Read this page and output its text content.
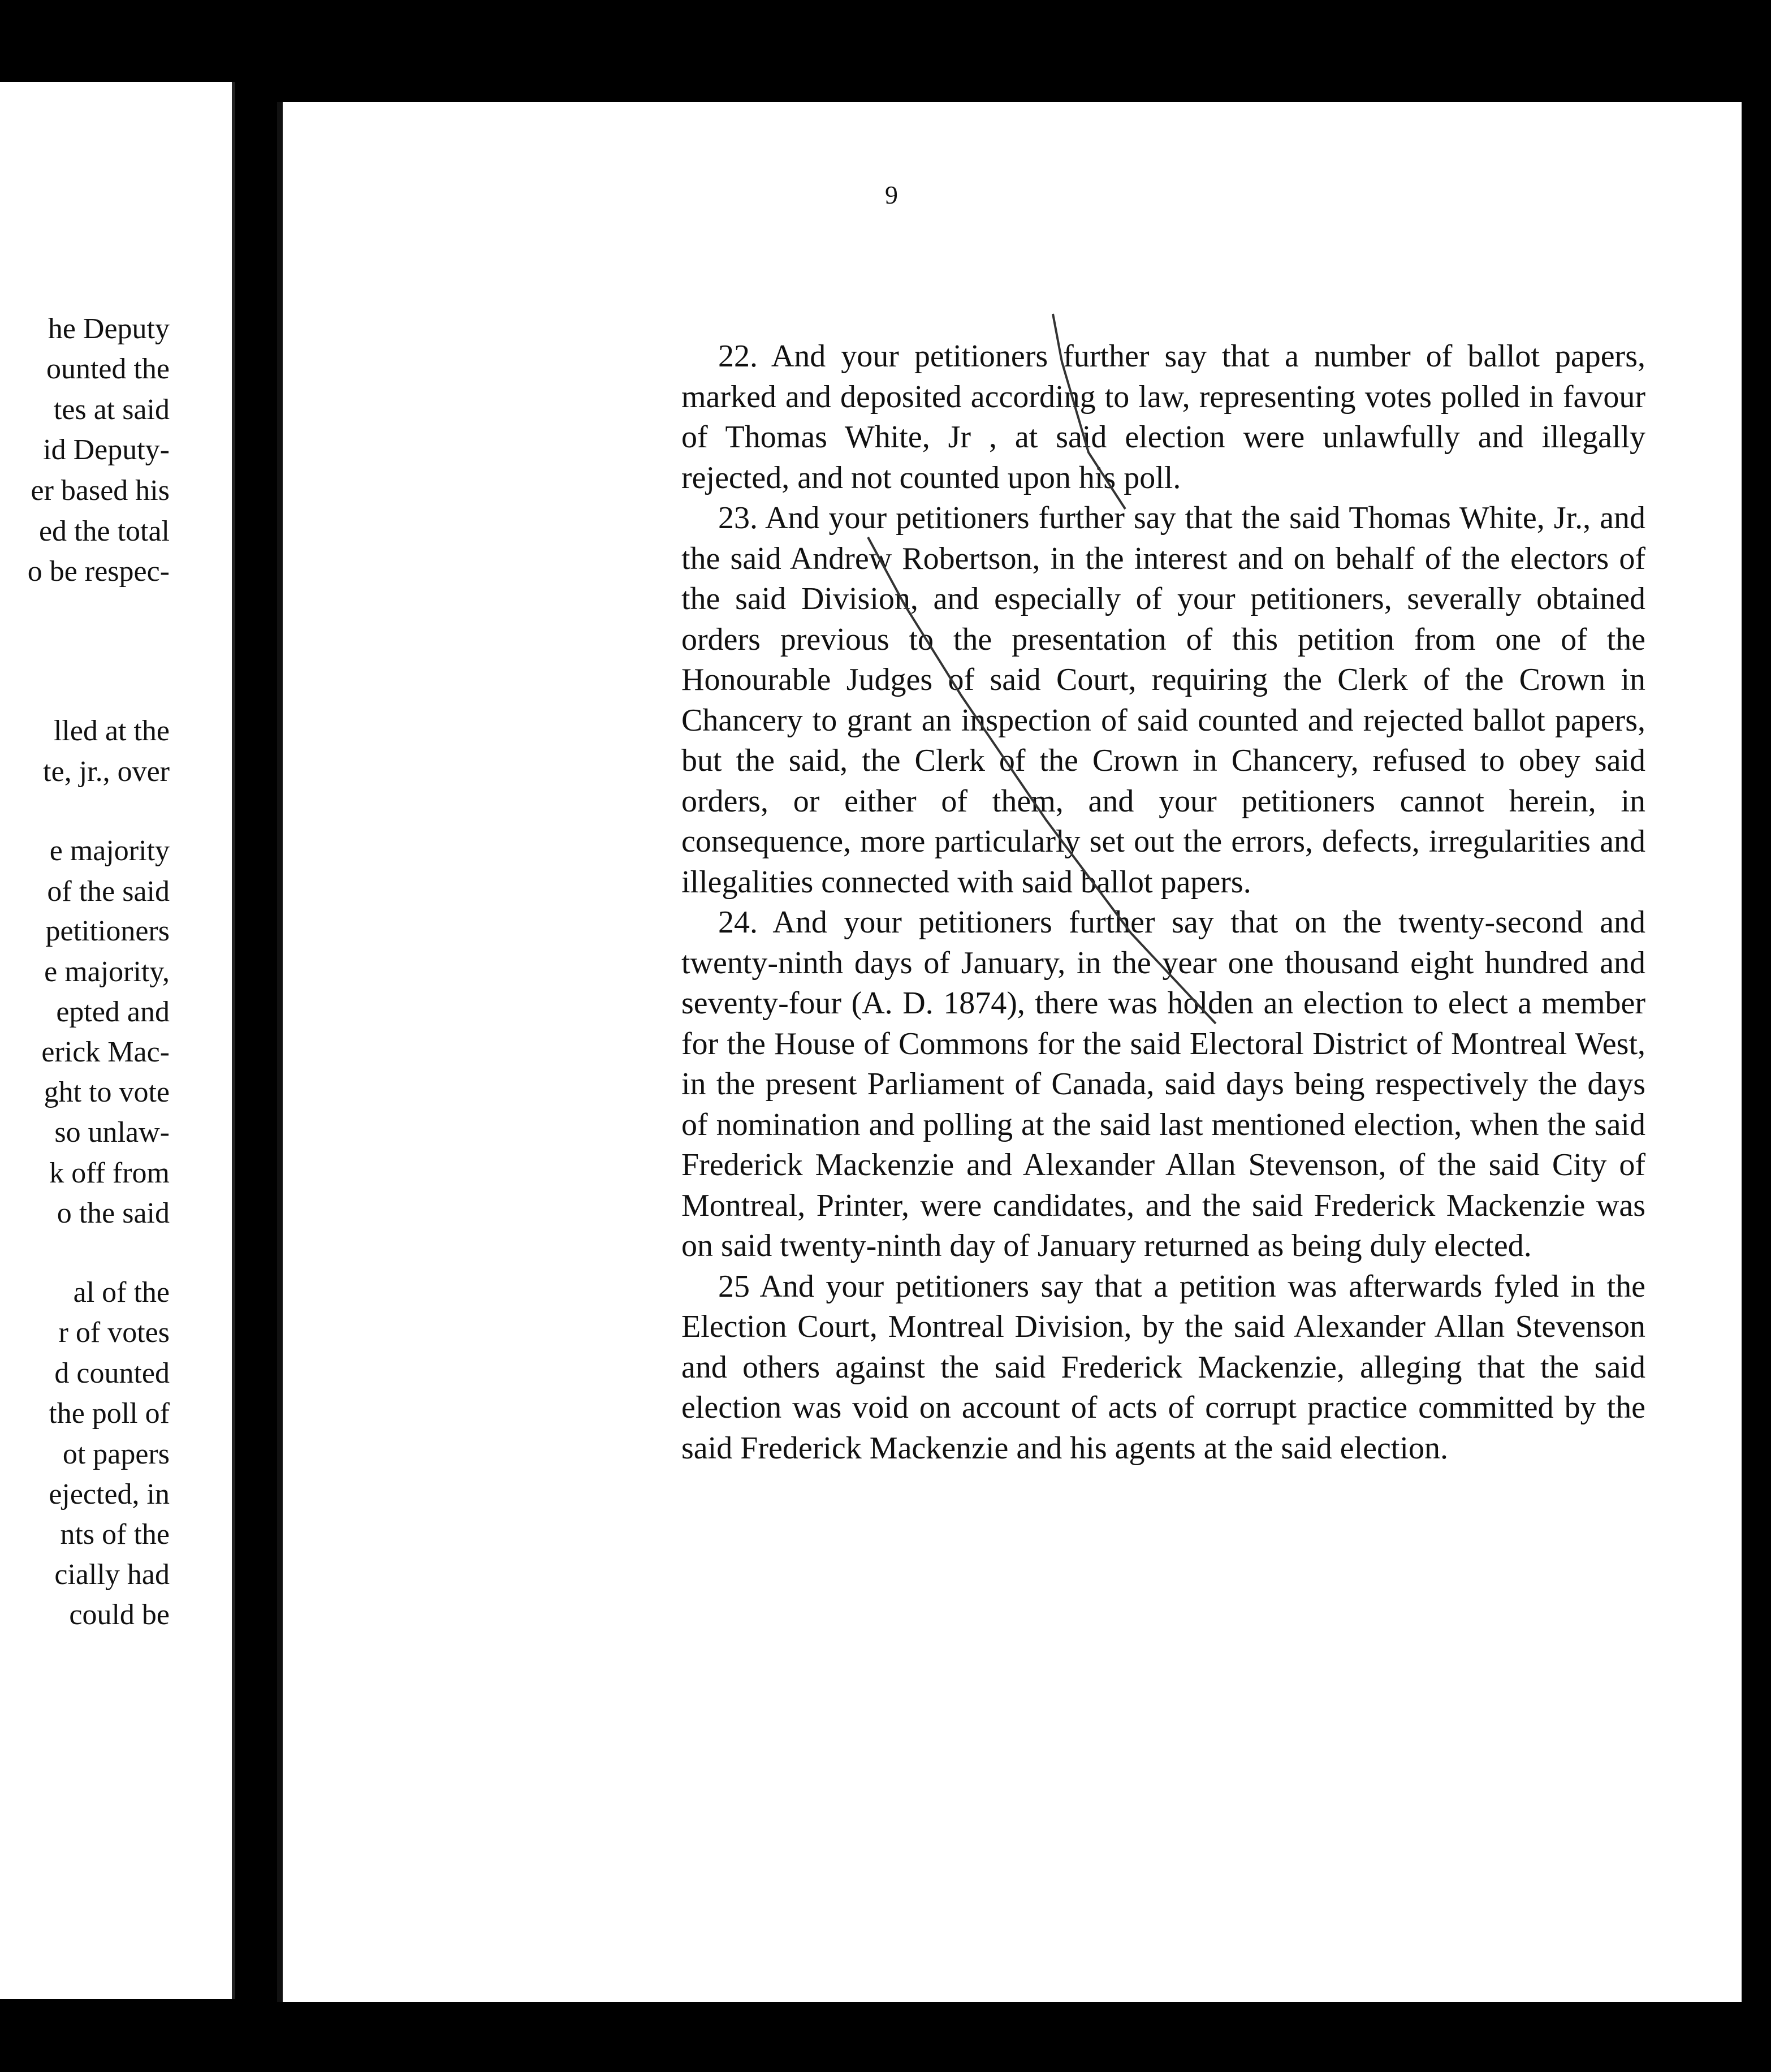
he Deputy
ounted the
tes at said
id Deputy-
er based his
ed the total
o be respec-
lled at the
te, jr., over
e majority
of the said
petitioners
e majority,
epted and
erick Mac-
ght to vote
so unlaw-
k off from
o the said
al of the
r of votes
d counted
the poll of
ot papers
ejected, in
nts of the
cially had
could be
9

22. And your petitioners further say that a number of ballot papers, marked and deposited according to law, representing votes polled in favour of Thomas White, Jr , at said election were unlawfully and illegally rejected, and not counted upon his poll.

23. And your petitioners further say that the said Thomas White, Jr., and the said Andrew Robertson, in the interest and on behalf of the electors of the said Division, and especially of your petitioners, severally obtained orders previous to the presentation of this petition from one of the Honourable Judges of said Court, requiring the Clerk of the Crown in Chancery to grant an inspection of said counted and rejected ballot papers, but the said, the Clerk of the Crown in Chancery, refused to obey said orders, or either of them, and your petitioners cannot herein, in consequence, more particularly set out the errors, defects, irregularities and illegalities connected with said ballot papers.

24. And your petitioners further say that on the twenty-second and twenty-ninth days of January, in the year one thousand eight hundred and seventy-four (A. D. 1874), there was holden an election to elect a member for the House of Commons for the said Electoral District of Montreal West, in the present Parliament of Canada, said days being respectively the days of nomination and polling at the said last mentioned election, when the said Frederick Mackenzie and Alexander Allan Stevenson, of the said City of Montreal, Printer, were candidates, and the said Frederick Mackenzie was on said twenty-ninth day of January returned as being duly elected.

25 And your petitioners say that a petition was afterwards fyled in the Election Court, Montreal Division, by the said Alexander Allan Stevenson and others against the said Frederick Mackenzie, alleging that the said election was void on account of acts of corrupt practice committed by the said Frederick Mackenzie and his agents at the said election.
